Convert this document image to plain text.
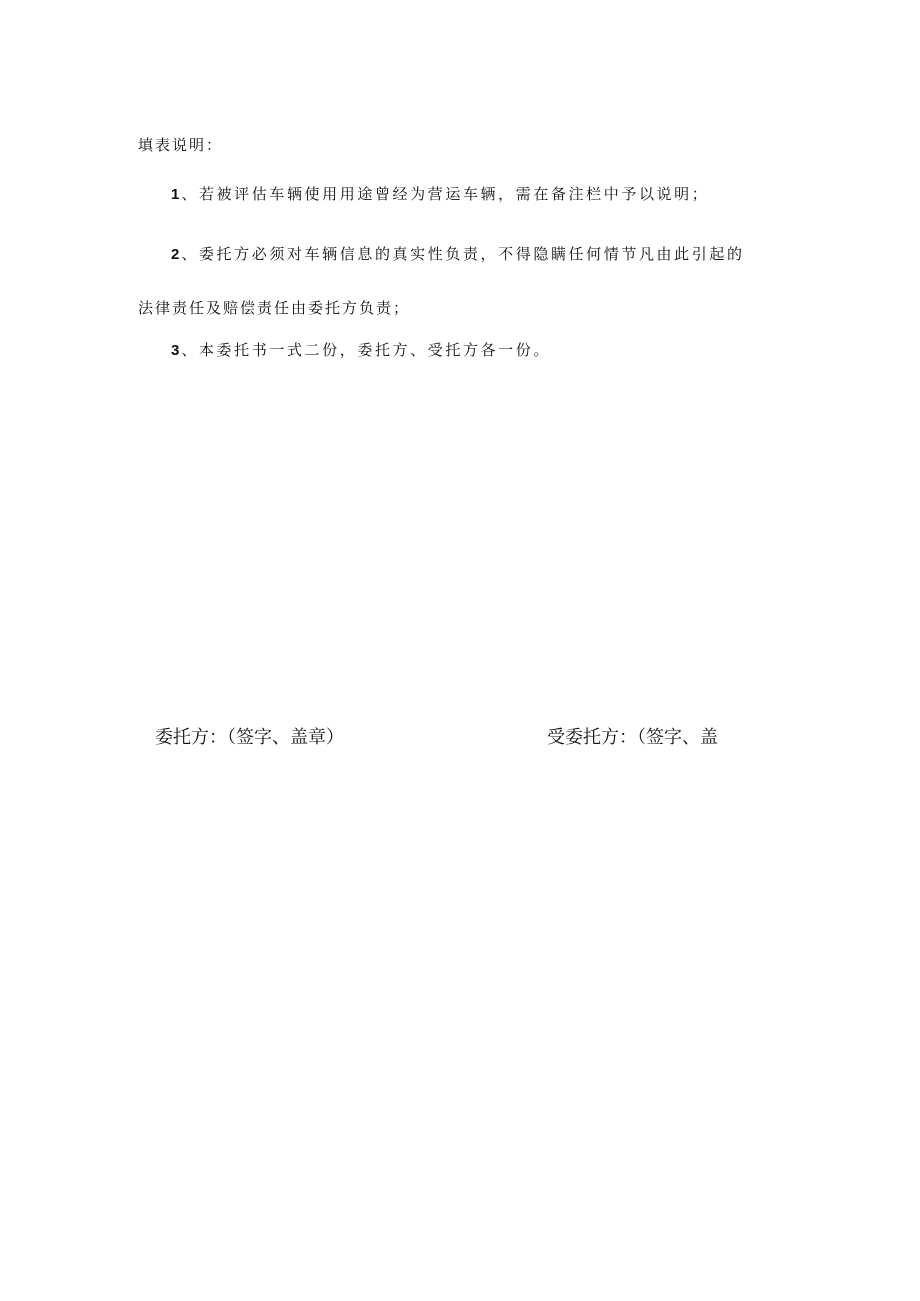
填表说明：
1 、若被评估车辆使用用途曾经为营运车辆，需在备注栏中予以说明；
2 、委托方必须对车辆信息的真实性负责，不得隐瞒任何情节凡由此引起的
法律责任及赔偿责任由委托方负责；
3 、本委托书一式二份，委托方、受托方各一份。
委托方：（签字、盖章）	受委托方：（签字、盖
